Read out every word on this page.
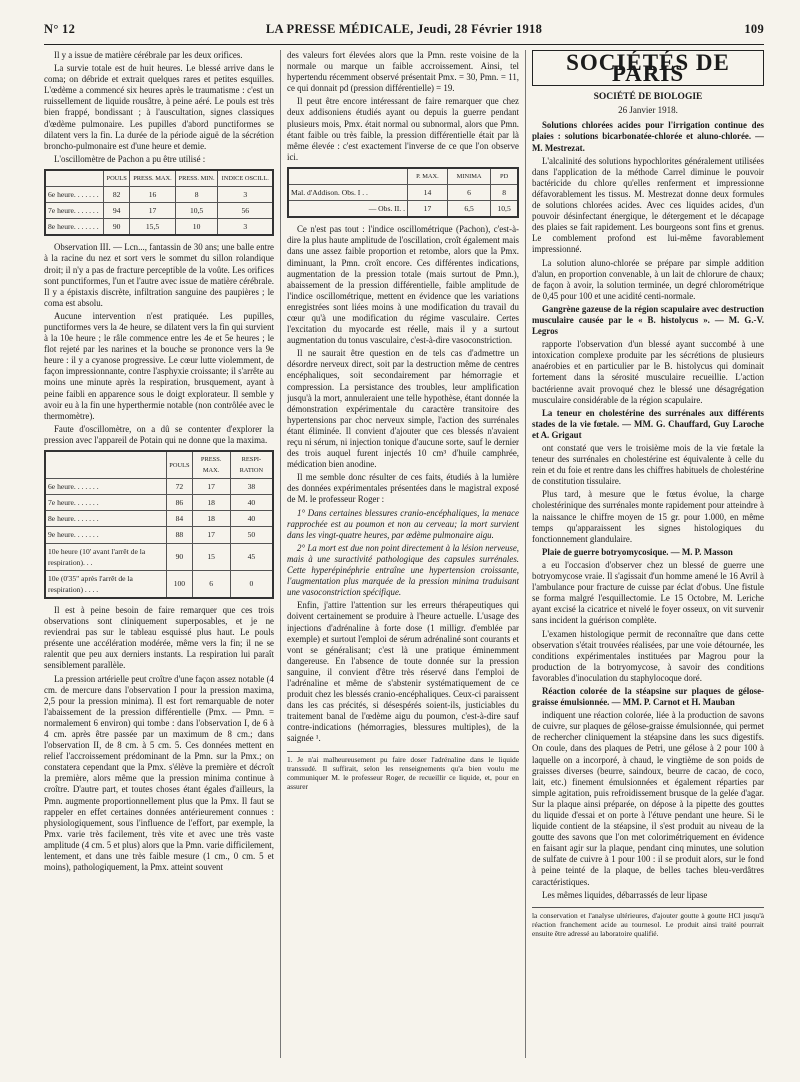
N° 12	LA PRESSE MÉDICALE, Jeudi, 28 Février 1918	109

Il y a issue de matière cérébrale par les deux orifices.

La survie totale est de huit heures. Le blessé arrive dans le coma; on débride et extrait quelques rares et petites esquilles. L'œdème a commencé six heures après le traumatisme : c'est un ruissellement de liquide rousâtre, à peine aéré. Le pouls est très bien frappé, bondissant ; à l'auscultation, signes classiques d'œdème pulmonaire. Les pupilles d'abord punctiformes se dilatent vers la fin. La durée de la période aiguë de la sécrétion broncho-pulmonaire est d'une heure et demie.

L'oscillomètre de Pachon a pu être utilisé :

	POULS	PRESS. MAX.	PRESS. MIN.	INDICE OSCILL.
6e heure. . . . . . .	82	16	8	3
7e heure. . . . . . .	94	17	10,5	56
8e heure. . . . . . .	90	15,5	10	3

Observation III. — Lcn..., fantassin de 30 ans; une balle entre à la racine du nez et sort vers le sommet du sillon rolandique droit; il n'y a pas de fracture perceptible de la voûte. Les orifices sont punctiformes, l'un et l'autre avec issue de matière cérébrale. Il y a épistaxis discrète, infiltration sanguine des paupières ; le coma est absolu.

Aucune intervention n'est pratiquée. Les pupilles, punctiformes vers la 4e heure, se dilatent vers la fin qui survient à la 10e heure ; le râle commence entre les 4e et 5e heures ; le flot rejeté par les narines et la bouche se prononce vers la 9e heure : il y a cyanose progressive. Le cœur lutte violemment, de façon impressionnante, contre l'asphyxie croissante; il s'arrête au moins une minute après la respiration, brusquement, ayant à peine faibli en apparence sous le doigt explorateur. Il semble y avoir eu à la fin une hyperthermie notable (non contrôlée avec le thermomètre).

Faute d'oscillomètre, on a dû se contenter d'explorer la pression avec l'appareil de Potain qui ne donne que la maxima.

	POULS	PRESS. MAX.	RESPI-RATION
6e heure. . . . . . .	72	17	38
7e heure. . . . . . .	86	18	40
8e heure. . . . . . .	84	18	40
9e heure. . . . . . .	88	17	50
10e heure (10' avant l'arrêt de la respiration). . .	90	15	45
10e (0'35" après l'arrêt de la respiration) . . . .	100	6	0

Il est à peine besoin de faire remarquer que ces trois observations sont cliniquement superposables, et je ne reviendrai pas sur le tableau esquissé plus haut. Le pouls présente une accélération modérée, même vers la fin; il ne se ralentit que peu aux derniers instants. La respiration lui paraît sensiblement parallèle.

La pression artérielle peut croître d'une façon assez notable (4 cm. de mercure dans l'observation I pour la pression maxima, 2,5 pour la pression minima). Il est fort remarquable de noter l'abaissement de la pression différentielle (Pmx. — Pmn. = normalement 6 environ) qui tombe : dans l'observation I, de 6 à 4 cm. après être passée par un maximum de 8 cm.; dans l'observation II, de 8 cm. à 5 cm. 5. Ces données mettent en relief l'accroissement prédominant de la Pmn. sur la Pmx.; on constatera cependant que la Pmx. s'élève la première et décroît la première, alors même que la pression minima continue à croître. D'autre part, et toutes choses étant égales d'ailleurs, la Pmn. augmente proportionnellement plus que la Pmx. Il faut se rappeler en effet certaines données antérieurement connues : physiologiquement, sous l'influence de l'effort, par exemple, la Pmx. varie très facilement, très vite et avec une très vaste amplitude (4 cm. 5 et plus) alors que la Pmn. varie difficilement, lentement, et dans une très faible mesure (1 cm., 0 cm. 5 et moins), pathologiquement, la Pmx. atteint souvent

des valeurs fort élevées alors que la Pmn. reste voisine de la normale ou marque un faible accroissement. Ainsi, tel hypertendu récemment observé présentait Pmx. = 30, Pmn. = 11, ce qui donnait pd (pression différentielle) = 19.

Il peut être encore intéressant de faire remarquer que chez deux addisoniens étudiés ayant ou depuis la guerre pendant plusieurs mois, Pmx. était normal ou subnormal, alors que Pmn. étant faible ou très faible, la pression différentielle était par là même élevée : c'est exactement l'inverse de ce que l'on observe ici.

	P. MAX.	MINIMA	PD
Mal. d'Addison. Obs. I . .	14	6	8
— Obs. II. .	17	6,5	10,5

Ce n'est pas tout : l'indice oscillométrique (Pachon), c'est-à-dire la plus haute amplitude de l'oscillation, croît également mais dans une assez faible proportion et retombe, alors que la Pmx. diminuant, la Pmn. croît encore. Ces différentes indications, augmentation de la pression totale (mais surtout de Pmn.), abaissement de la pression différentielle, faible amplitude de l'indice oscillométrique, mettent en évidence que les variations enregistrées sont liées moins à une modification du travail du cœur qu'à une modification du régime vasculaire. Certes l'excitation du myocarde est réelle, mais il y a surtout augmentation du tonus vasculaire, c'est-à-dire vasoconstriction.

Il ne saurait être question en de tels cas d'admettre un désordre nerveux direct, soit par la destruction même de centres encéphaliques, soit secondairement par hémorragie et compression. La persistance des troubles, leur amplification jusqu'à la mort, annuleraient une telle hypothèse, étant donnée la démonstration expérimentale du caractère transitoire des hypertensions par choc nerveux simple, l'action des surrénales étant éliminée. Il convient d'ajouter que ces blessés n'avaient reçu ni sérum, ni injection tonique d'aucune sorte, sauf le dernier des trois auquel furent injectés 10 cm³ d'huile camphrée, médication bien anodine.

Il me semble donc résulter de ces faits, étudiés à la lumière des données expérimentales présentées dans le magistral exposé de M. le professeur Roger :

1° Dans certaines blessures cranio-encéphaliques, la menace rapprochée est au poumon et non au cerveau; la mort survient dans les vingt-quatre heures, par œdème pulmonaire aigu.

2° La mort est due non point directement à la lésion nerveuse, mais à une suractivité pathologique des capsules surrénales. Cette hyperépinéphrie entraîne une hypertension croissante, l'augmentation plus marquée de la pression minima traduisant une vasoconstriction spécifique.

Enfin, j'attire l'attention sur les erreurs thérapeutiques qui doivent certainement se produire à l'heure actuelle. L'usage des injections d'adrénaline à forte dose (1 milligr. d'emblée par exemple) et surtout l'emploi de sérum adrénaliné sont courants et vont se généralisant; c'est là une pratique éminemment dangereuse. En l'absence de toute donnée sur la pression sanguine, il convient d'être très réservé dans l'emploi de l'adrénaline et même de s'abstenir systématiquement de ce produit chez les blessés cranio-encéphaliques. Ceux-ci paraissent dans les cas précités, si désespérés soient-ils, justiciables du traitement banal de l'œdème aigu du poumon, c'est-à-dire sauf contre-indications (hémorragies, blessures multiples), de la saignée ¹.

1. Je n'ai malheureusement pu faire doser l'adrénaline dans le liquide transsudé. Il suffirait, selon les renseignements qu'a bien voulu me communiquer M. le professeur Roger, de recueillir ce liquide, et, pour en assurer
SOCIÉTÉS DE PARIS

SOCIÉTÉ DE BIOLOGIE

26 Janvier 1918.

Solutions chlorées acides pour l'irrigation continue des plaies : solutions bicarbonatée-chlorée et aluno-chlorée. — M. Mestrezat.

L'alcalinité des solutions hypochlorites généralement utilisées dans l'application de la méthode Carrel diminue le pouvoir bactéricide du chlore qu'elles renferment et impressionne défavorablement les tissus. M. Mestrezat donne deux formules de solutions chlorées acides. Avec ces liquides acides, d'un pouvoir désinfectant énergique, le détergement et le décapage des plaies se fait rapidement. Les bourgeons sont fins et grenus. Le comblement profond est lui-même favorablement impressionné.

La solution aluno-chlorée se prépare par simple addition d'alun, en proportion convenable, à un lait de chlorure de chaux; de façon à avoir, la solution terminée, un degré chlorométrique de 0,45 pour 100 et une acidité centi-normale.

Gangrène gazeuse de la région scapulaire avec destruction musculaire causée par le « B. histolycus ». — M. G.-V. Legros

rapporte l'observation d'un blessé ayant succombé à une intoxication complexe produite par les sécrétions de plusieurs anaérobies et en particulier par le B. histolycus qui dominait fortement dans la sérosité musculaire recueillie. L'action bactérienne avait provoqué chez le blessé une désagrégation musculaire considérable de la région scapulaire.

La teneur en cholestérine des surrénales aux différents stades de la vie fœtale. — MM. G. Chauffard, Guy Laroche et A. Grigaut

ont constaté que vers le troisième mois de la vie fœtale la teneur des surrénales en cholestérine est équivalente à celle du rein et du foie et rentre dans les chiffres habituels de cholestérine de constitution tissulaire.

Plus tard, à mesure que le fœtus évolue, la charge cholestérinique des surrénales monte rapidement pour atteindre à la naissance le chiffre moyen de 15 gr. pour 1.000, en même temps qu'apparaissent les signes histologiques du fonctionnement glandulaire.

Plaie de guerre botryomycosique. — M. P. Masson

a eu l'occasion d'observer chez un blessé de guerre une botryomycose vraie. Il s'agissait d'un homme amené le 16 Avril à l'ambulance pour fracture de cuisse par éclat d'obus. Une fistule se forma malgré l'esquillectomie. Le 15 Octobre, M. Leriche ayant excisé la cicatrice et nivelé le foyer osseux, on vit survenir sans incident la guérison complète.

L'examen histologique permit de reconnaître que dans cette observation s'était trouvées réalisées, par une voie détournée, les conditions expérimentales instituées par Magrou pour la production de la botryomycose, à savoir des conditions favorables d'inoculation du staphylocoque doré.

Réaction colorée de la stéapsine sur plaques de gélose-graisse émulsionnée. — MM. P. Carnot et H. Mauban

indiquent une réaction colorée, liée à la production de savons de cuivre, sur plaques de gélose-graisse émulsionnée, qui permet de rechercher cliniquement la stéapsine dans les sucs digestifs. On coule, dans des plaques de Petri, une gélose à 2 pour 100 à laquelle on a incorporé, à chaud, le vingtième de son poids de graisses diverses (beurre, saindoux, beurre de cacao, de coco, lait, etc.) finement émulsionnées et également réparties par simple agitation, puis refroidissement brusque de la gelée d'agar. Sur la plaque ainsi préparée, on dépose à la pipette des gouttes du liquide d'essai et on porte à l'étuve pendant une heure. Si le liquide contient de la stéapsine, il s'est produit au niveau de la goutte des savons que l'on met colorimétriquement en évidence en faisant agir sur la plaque, pendant cinq minutes, une solution de sulfate de cuivre à 1 pour 100 : il se produit alors, sur le fond à peine teinté de la plaque, de belles taches bleu-verdâtres caractéristiques.

Les mêmes liquides, débarrassés de leur lipase

la conservation et l'analyse ultérieures, d'ajouter goutte à goutte HCl jusqu'à réaction franchement acide au tournesol. Le produit ainsi traité pourrait ensuite être adressé au laboratoire qualifié.
